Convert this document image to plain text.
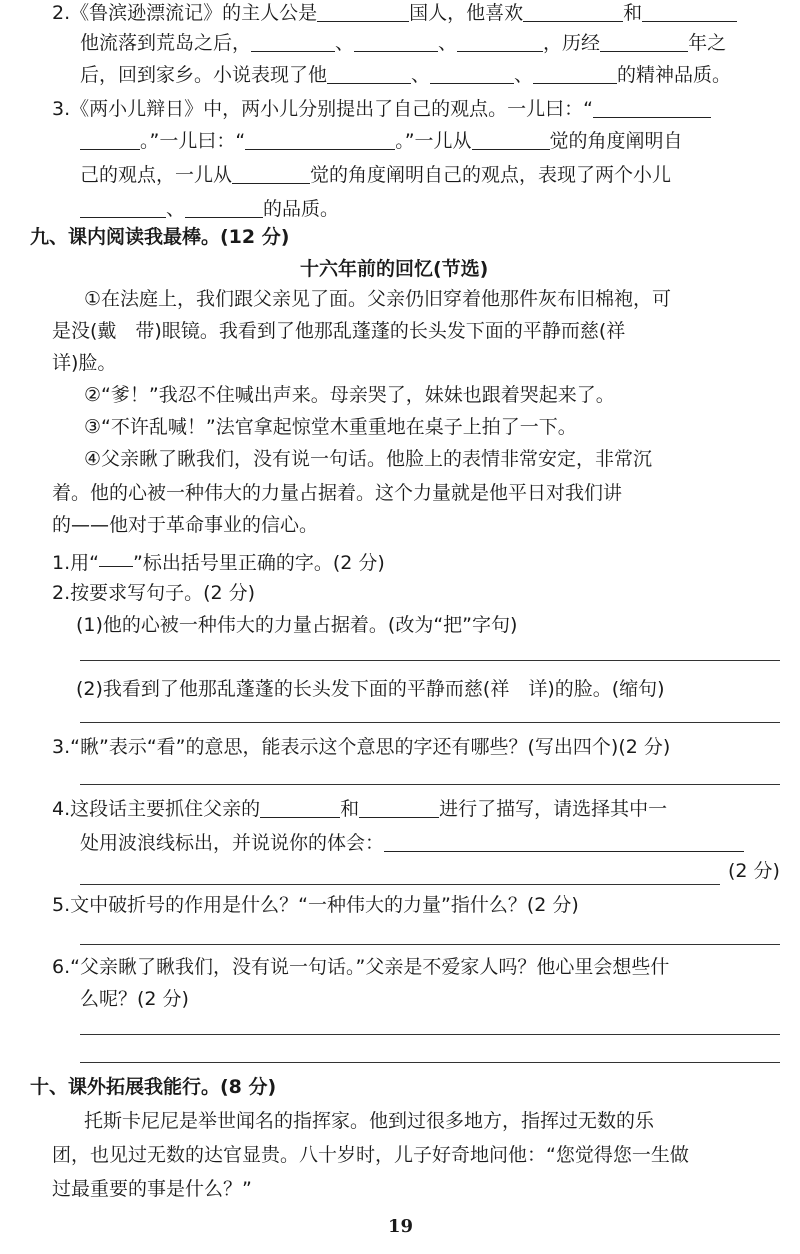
2.《鲁滨逊漂流记》的主人公是	国人，他喜欢	和
他流落到荒岛之后，	、	、	，历经	年之
后，回到家乡。小说表现了他	、	、	的精神品质。
3.《两小儿辩日》中，两小儿分别提出了自己的观点。一儿曰：“
。”一儿曰：“	。”一儿从	觉的角度阐明自
己的观点，一儿从	觉的角度阐明自己的观点，表现了两个小儿
、	的品质。
九、课内阅读我最棒。(12 分)
十六年前的回忆(节选)
①在法庭上，我们跟父亲见了面。父亲仍旧穿着他那件灰布旧棉袍，可
是没(戴　带)眼镜。我看到了他那乱蓬蓬的长头发下面的平静而慈(祥
详)脸。
②“爹！”我忍不住喊出声来。母亲哭了，妹妹也跟着哭起来了。
③“不许乱喊！”法官拿起惊堂木重重地在桌子上拍了一下。
④父亲瞅了瞅我们，没有说一句话。他脸上的表情非常安定，非常沉
着。他的心被一种伟大的力量占据着。这个力量就是他平日对我们讲
的——他对于革命事业的信心。
1.用“ ”标出括号里正确的字。(2 分)
2.按要求写句子。(2 分)
(1)他的心被一种伟大的力量占据着。(改为“把”字句)
(2)我看到了他那乱蓬蓬的长头发下面的平静而慈(祥　详)的脸。(缩句)
3.“瞅”表示“看”的意思，能表示这个意思的字还有哪些？(写出四个)(2 分)
4.这段话主要抓住父亲的	和	进行了描写，请选择其中一
处用波浪线标出，并说说你的体会：
(2 分)
5.文中破折号的作用是什么？“一种伟大的力量”指什么？(2 分)
6.“父亲瞅了瞅我们，没有说一句话。”父亲是不爱家人吗？他心里会想些什
么呢？(2 分)
十、课外拓展我能行。(8 分)
托斯卡尼尼是举世闻名的指挥家。他到过很多地方，指挥过无数的乐
团，也见过无数的达官显贵。八十岁时，儿子好奇地问他：“您觉得您一生做
过最重要的事是什么？”
19
